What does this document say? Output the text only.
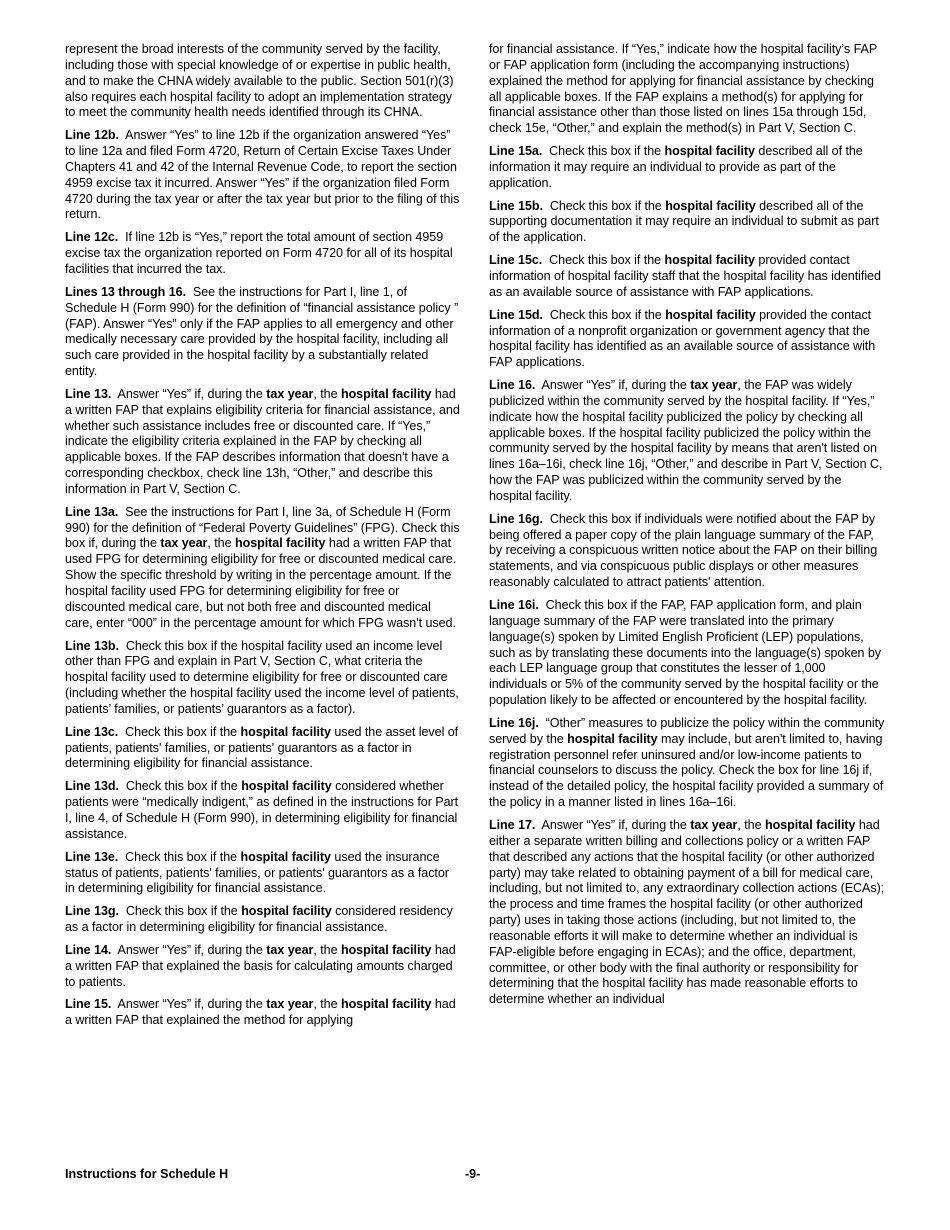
represent the broad interests of the community served by the facility, including those with special knowledge of or expertise in public health, and to make the CHNA widely available to the public. Section 501(r)(3) also requires each hospital facility to adopt an implementation strategy to meet the community health needs identified through its CHNA.

Line 12b. Answer “Yes” to line 12b if the organization answered “Yes” to line 12a and filed Form 4720, Return of Certain Excise Taxes Under Chapters 41 and 42 of the Internal Revenue Code, to report the section 4959 excise tax it incurred. Answer “Yes” if the organization filed Form 4720 during the tax year or after the tax year but prior to the filing of this return.

Line 12c. If line 12b is “Yes,” report the total amount of section 4959 excise tax the organization reported on Form 4720 for all of its hospital facilities that incurred the tax.

Lines 13 through 16. See the instructions for Part I, line 1, of Schedule H (Form 990) for the definition of “financial assistance policy ” (FAP). Answer “Yes” only if the FAP applies to all emergency and other medically necessary care provided by the hospital facility, including all such care provided in the hospital facility by a substantially related entity.

Line 13. Answer “Yes” if, during the tax year, the hospital facility had a written FAP that explains eligibility criteria for financial assistance, and whether such assistance includes free or discounted care. If “Yes,” indicate the eligibility criteria explained in the FAP by checking all applicable boxes. If the FAP describes information that doesn't have a corresponding checkbox, check line 13h, “Other,” and describe this information in Part V, Section C.

Line 13a. See the instructions for Part I, line 3a, of Schedule H (Form 990) for the definition of “Federal Poverty Guidelines” (FPG). Check this box if, during the tax year, the hospital facility had a written FAP that used FPG for determining eligibility for free or discounted medical care. Show the specific threshold by writing in the percentage amount. If the hospital facility used FPG for determining eligibility for free or discounted medical care, but not both free and discounted medical care, enter “000” in the percentage amount for which FPG wasn't used.

Line 13b. Check this box if the hospital facility used an income level other than FPG and explain in Part V, Section C, what criteria the hospital facility used to determine eligibility for free or discounted care (including whether the hospital facility used the income level of patients, patients’ families, or patients’ guarantors as a factor).

Line 13c. Check this box if the hospital facility used the asset level of patients, patients' families, or patients' guarantors as a factor in determining eligibility for financial assistance.

Line 13d. Check this box if the hospital facility considered whether patients were “medically indigent,” as defined in the instructions for Part I, line 4, of Schedule H (Form 990), in determining eligibility for financial assistance.

Line 13e. Check this box if the hospital facility used the insurance status of patients, patients' families, or patients' guarantors as a factor in determining eligibility for financial assistance.

Line 13g. Check this box if the hospital facility considered residency as a factor in determining eligibility for financial assistance.

Line 14. Answer “Yes” if, during the tax year, the hospital facility had a written FAP that explained the basis for calculating amounts charged to patients.

Line 15. Answer “Yes” if, during the tax year, the hospital facility had a written FAP that explained the method for applying

for financial assistance. If “Yes,” indicate how the hospital facility’s FAP or FAP application form (including the accompanying instructions) explained the method for applying for financial assistance by checking all applicable boxes. If the FAP explains a method(s) for applying for financial assistance other than those listed on lines 15a through 15d, check 15e, “Other,” and explain the method(s) in Part V, Section C.

Line 15a. Check this box if the hospital facility described all of the information it may require an individual to provide as part of the application.

Line 15b. Check this box if the hospital facility described all of the supporting documentation it may require an individual to submit as part of the application.

Line 15c. Check this box if the hospital facility provided contact information of hospital facility staff that the hospital facility has identified as an available source of assistance with FAP applications.

Line 15d. Check this box if the hospital facility provided the contact information of a nonprofit organization or government agency that the hospital facility has identified as an available source of assistance with FAP applications.

Line 16. Answer “Yes” if, during the tax year, the FAP was widely publicized within the community served by the hospital facility. If “Yes,” indicate how the hospital facility publicized the policy by checking all applicable boxes. If the hospital facility publicized the policy within the community served by the hospital facility by means that aren't listed on lines 16a–16i, check line 16j, “Other,” and describe in Part V, Section C, how the FAP was publicized within the community served by the hospital facility.

Line 16g. Check this box if individuals were notified about the FAP by being offered a paper copy of the plain language summary of the FAP, by receiving a conspicuous written notice about the FAP on their billing statements, and via conspicuous public displays or other measures reasonably calculated to attract patients' attention.

Line 16i. Check this box if the FAP, FAP application form, and plain language summary of the FAP were translated into the primary language(s) spoken by Limited English Proficient (LEP) populations, such as by translating these documents into the language(s) spoken by each LEP language group that constitutes the lesser of 1,000 individuals or 5% of the community served by the hospital facility or the population likely to be affected or encountered by the hospital facility.

Line 16j. “Other” measures to publicize the policy within the community served by the hospital facility may include, but aren't limited to, having registration personnel refer uninsured and/or low-income patients to financial counselors to discuss the policy. Check the box for line 16j if, instead of the detailed policy, the hospital facility provided a summary of the policy in a manner listed in lines 16a–16i.

Line 17. Answer “Yes” if, during the tax year, the hospital facility had either a separate written billing and collections policy or a written FAP that described any actions that the hospital facility (or other authorized party) may take related to obtaining payment of a bill for medical care, including, but not limited to, any extraordinary collection actions (ECAs); the process and time frames the hospital facility (or other authorized party) uses in taking those actions (including, but not limited to, the reasonable efforts it will make to determine whether an individual is FAP-eligible before engaging in ECAs); and the office, department, committee, or other body with the final authority or responsibility for determining that the hospital facility has made reasonable efforts to determine whether an individual

Instructions for Schedule H	-9-
